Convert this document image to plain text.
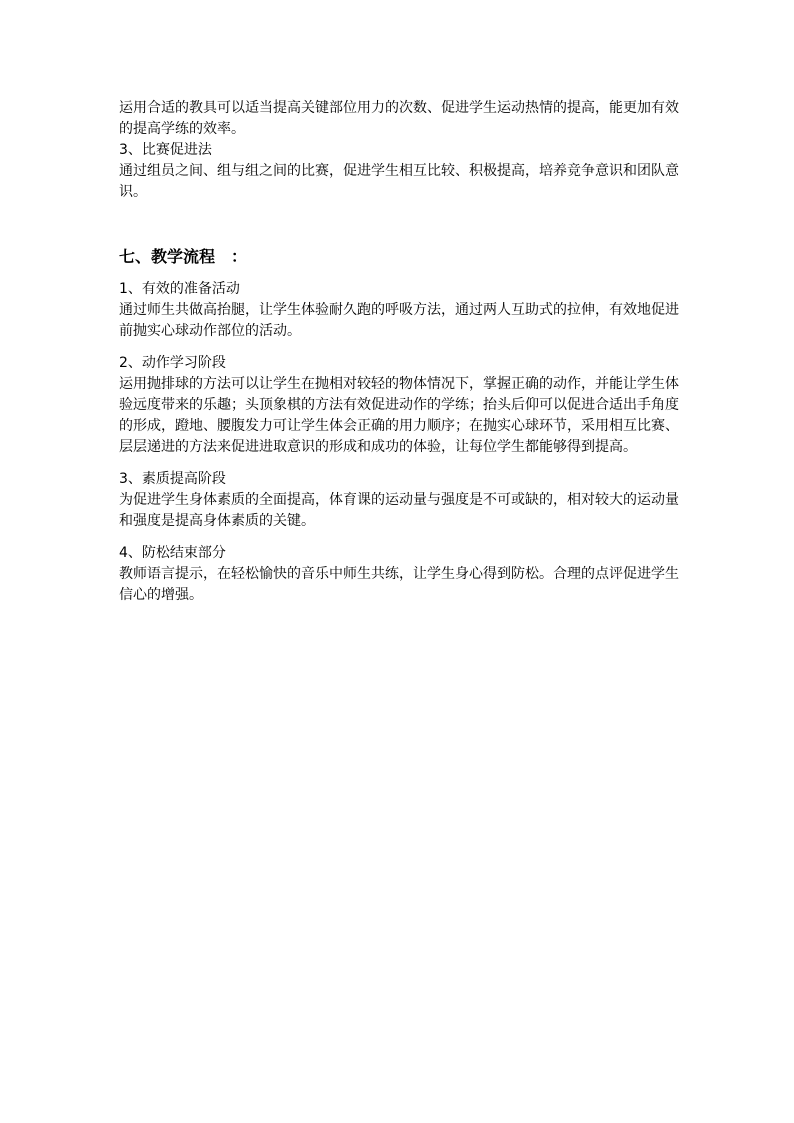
运用合适的教具可以适当提高关键部位用力的次数、促进学生运动热情的提高，能更加有效的提高学练的效率。

3、比赛促进法

通过组员之间、组与组之间的比赛，促进学生相互比较、积极提高，培养竞争意识和团队意识。

七、教学流程　：

1、有效的准备活动

通过师生共做高抬腿，让学生体验耐久跑的呼吸方法，通过两人互助式的拉伸，有效地促进前抛实心球动作部位的活动。

2、动作学习阶段

运用抛排球的方法可以让学生在抛相对较轻的物体情况下，掌握正确的动作，并能让学生体验远度带来的乐趣；头顶象棋的方法有效促进动作的学练；抬头后仰可以促进合适出手角度的形成，蹬地、腰腹发力可让学生体会正确的用力顺序；在抛实心球环节，采用相互比赛、层层递进的方法来促进进取意识的形成和成功的体验，让每位学生都能够得到提高。

3、素质提高阶段

为促进学生身体素质的全面提高，体育课的运动量与强度是不可或缺的，相对较大的运动量和强度是提高身体素质的关键。

4、防松结束部分

教师语言提示，在轻松愉快的音乐中师生共练，让学生身心得到防松。合理的点评促进学生信心的增强。
